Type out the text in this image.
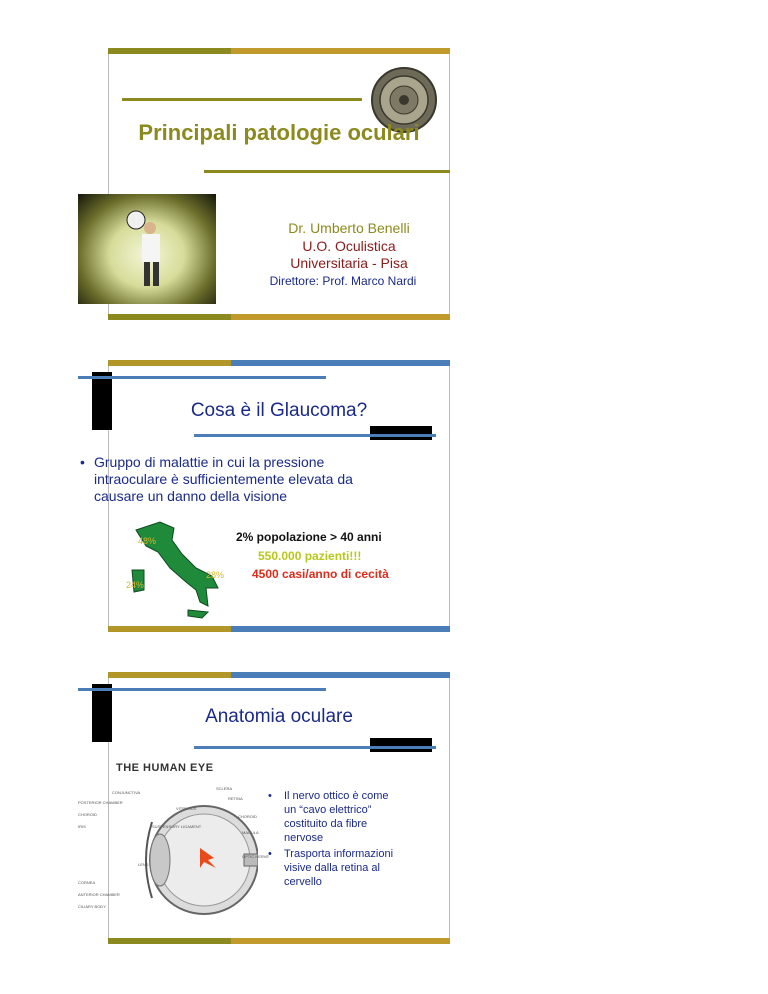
Principali patologie oculari
Dr. Umberto Benelli
U.O. Oculistica
Universitaria - Pisa
Direttore: Prof. Marco Nardi
Cosa è il Glaucoma?
• Gruppo di malattie in cui la pressione
intraoculare è sufficientemente elevata da
causare un danno della visione
48%
28%
24%
2% popolazione > 40 anni
550.000 pazienti!!!
4500 casi/anno di cecità
Anatomia oculare
THE HUMAN EYE
CONJUNCTIVA
POSTERIOR CHAMBER
CHOROID
IRIS
CORNEA
ANTERIOR CHAMBER
CILIARY BODY
LENS
SUSPENSORY LIGAMENT
VITREOUS
SCLERA
RETINA
CHOROID
MACULA
OPTIC NERVE
• Il nervo ottico è come
un “cavo elettrico”
costituito da fibre
nervose
• Trasporta informazioni
visive dalla retina al
cervello
